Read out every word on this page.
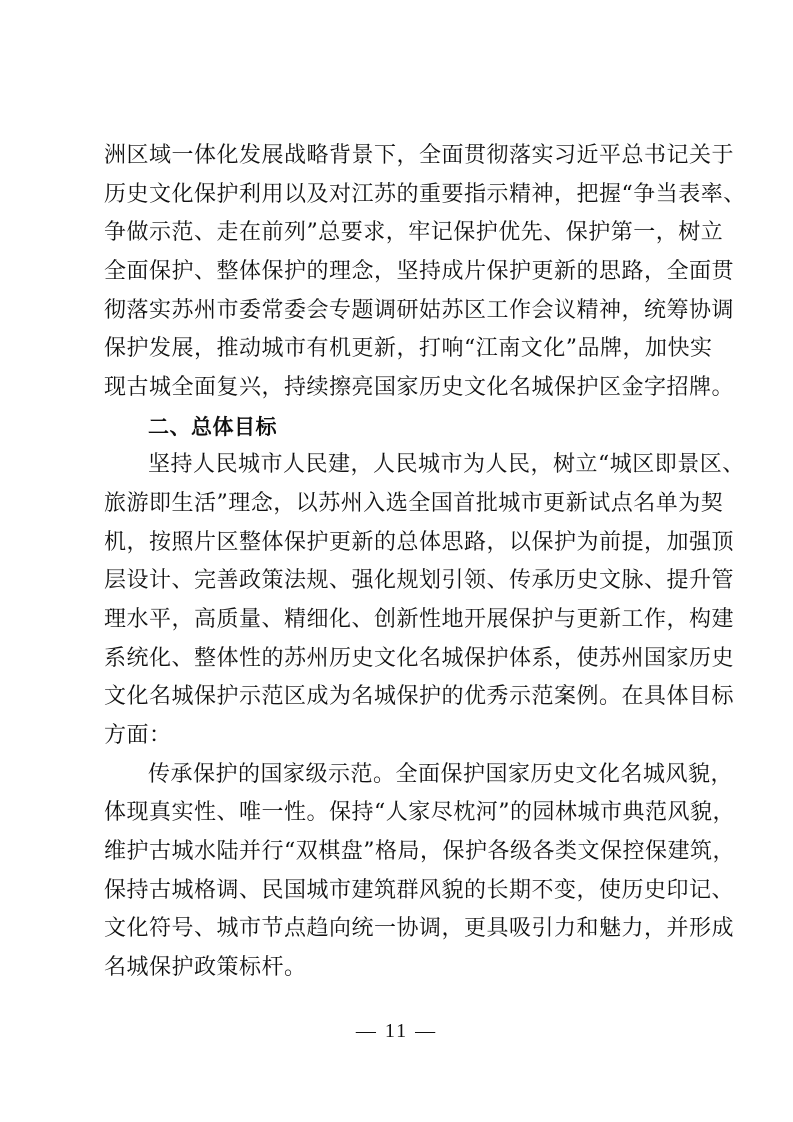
洲区域一体化发展战略背景下，全面贯彻落实习近平总书记关于
历史文化保护利用以及对江苏的重要指示精神，把握“争当表率、
争做示范、走在前列”总要求，牢记保护优先、保护第一，树立
全面保护、整体保护的理念，坚持成片保护更新的思路，全面贯
彻落实苏州市委常委会专题调研姑苏区工作会议精神，统筹协调
保护发展，推动城市有机更新，打响“江南文化”品牌，加快实
现古城全面复兴，持续擦亮国家历史文化名城保护区金字招牌。
二、总体目标
坚持人民城市人民建，人民城市为人民，树立“城区即景区、
旅游即生活”理念，以苏州入选全国首批城市更新试点名单为契
机，按照片区整体保护更新的总体思路，以保护为前提，加强顶
层设计、完善政策法规、强化规划引领、传承历史文脉、提升管
理水平，高质量、精细化、创新性地开展保护与更新工作，构建
系统化、整体性的苏州历史文化名城保护体系，使苏州国家历史
文化名城保护示范区成为名城保护的优秀示范案例。在具体目标
方面：
传承保护的国家级示范。全面保护国家历史文化名城风貌，
体现真实性、唯一性。保持“人家尽枕河”的园林城市典范风貌，
维护古城水陆并行“双棋盘”格局，保护各级各类文保控保建筑，
保持古城格调、民国城市建筑群风貌的长期不变，使历史印记、
文化符号、城市节点趋向统一协调，更具吸引力和魅力，并形成
名城保护政策标杆。
— 11 —
